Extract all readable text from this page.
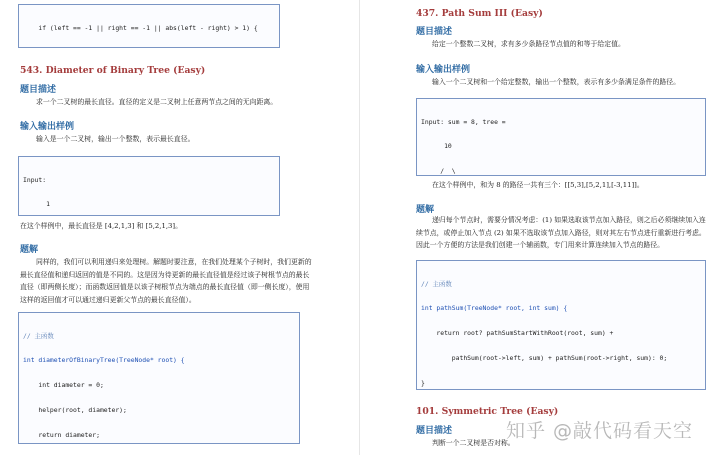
if (left == -1 || right == -1 || abs(left - right) > 1) {

543. Diameter of Binary Tree (Easy)
题目描述
求一个二叉树的最长直径。直径的定义是二叉树上任意两节点之间的无向距离。
输入输出样例
输入是一个二叉树，输出一个整数，表示最长直径。

Input:

1

在这个样例中，最长直径是 [4,2,1,3] 和 [5,2,1,3]。
题解
同样的，我们可以利用递归来处理树。解题时要注意，在我们处理某个子树时，我们更新的
最长直径值和递归返回的值是不同的。这是因为待更新的最长直径值是经过该子树根节点的最长
直径（即两侧长度）；而函数返回值是以该子树根节点为端点的最长直径值（即一侧长度），使用
这样的返回值才可以通过递归更新父节点的最长直径值）。

// 主函数

int diameterOfBinaryTree(TreeNode* root) {

int diameter = 0;

helper(root, diameter);

return diameter;

437. Path Sum III (Easy)
题目描述
给定一个整数二叉树，求有多少条路径节点值的和等于给定值。
输入输出样例
输入一个二叉树和一个给定整数，输出一个整数，表示有多少条满足条件的路径。

Input: sum = 8, tree =

10

/  \

在这个样例中，和为 8 的路径一共有三个：[[5,3],[5,2,1],[-3,11]]。
题解
递归每个节点时，需要分情况考虑：(1) 如果选取该节点加入路径，则之后必须继续加入连
续节点，或停止加入节点 (2) 如果不选取该节点加入路径，则对其左右节点进行重新进行考虑。
因此一个方便的方法是我们创建一个辅函数，专门用来计算连续加入节点的路径。

// 主函数

int pathSum(TreeNode* root, int sum) {

return root? pathSumStartWithRoot(root, sum) +

pathSum(root->left, sum) + pathSum(root->right, sum): 0;

}

101. Symmetric Tree (Easy)
题目描述
判断一个二叉树是否对称。
知乎 @敲代码看天空
